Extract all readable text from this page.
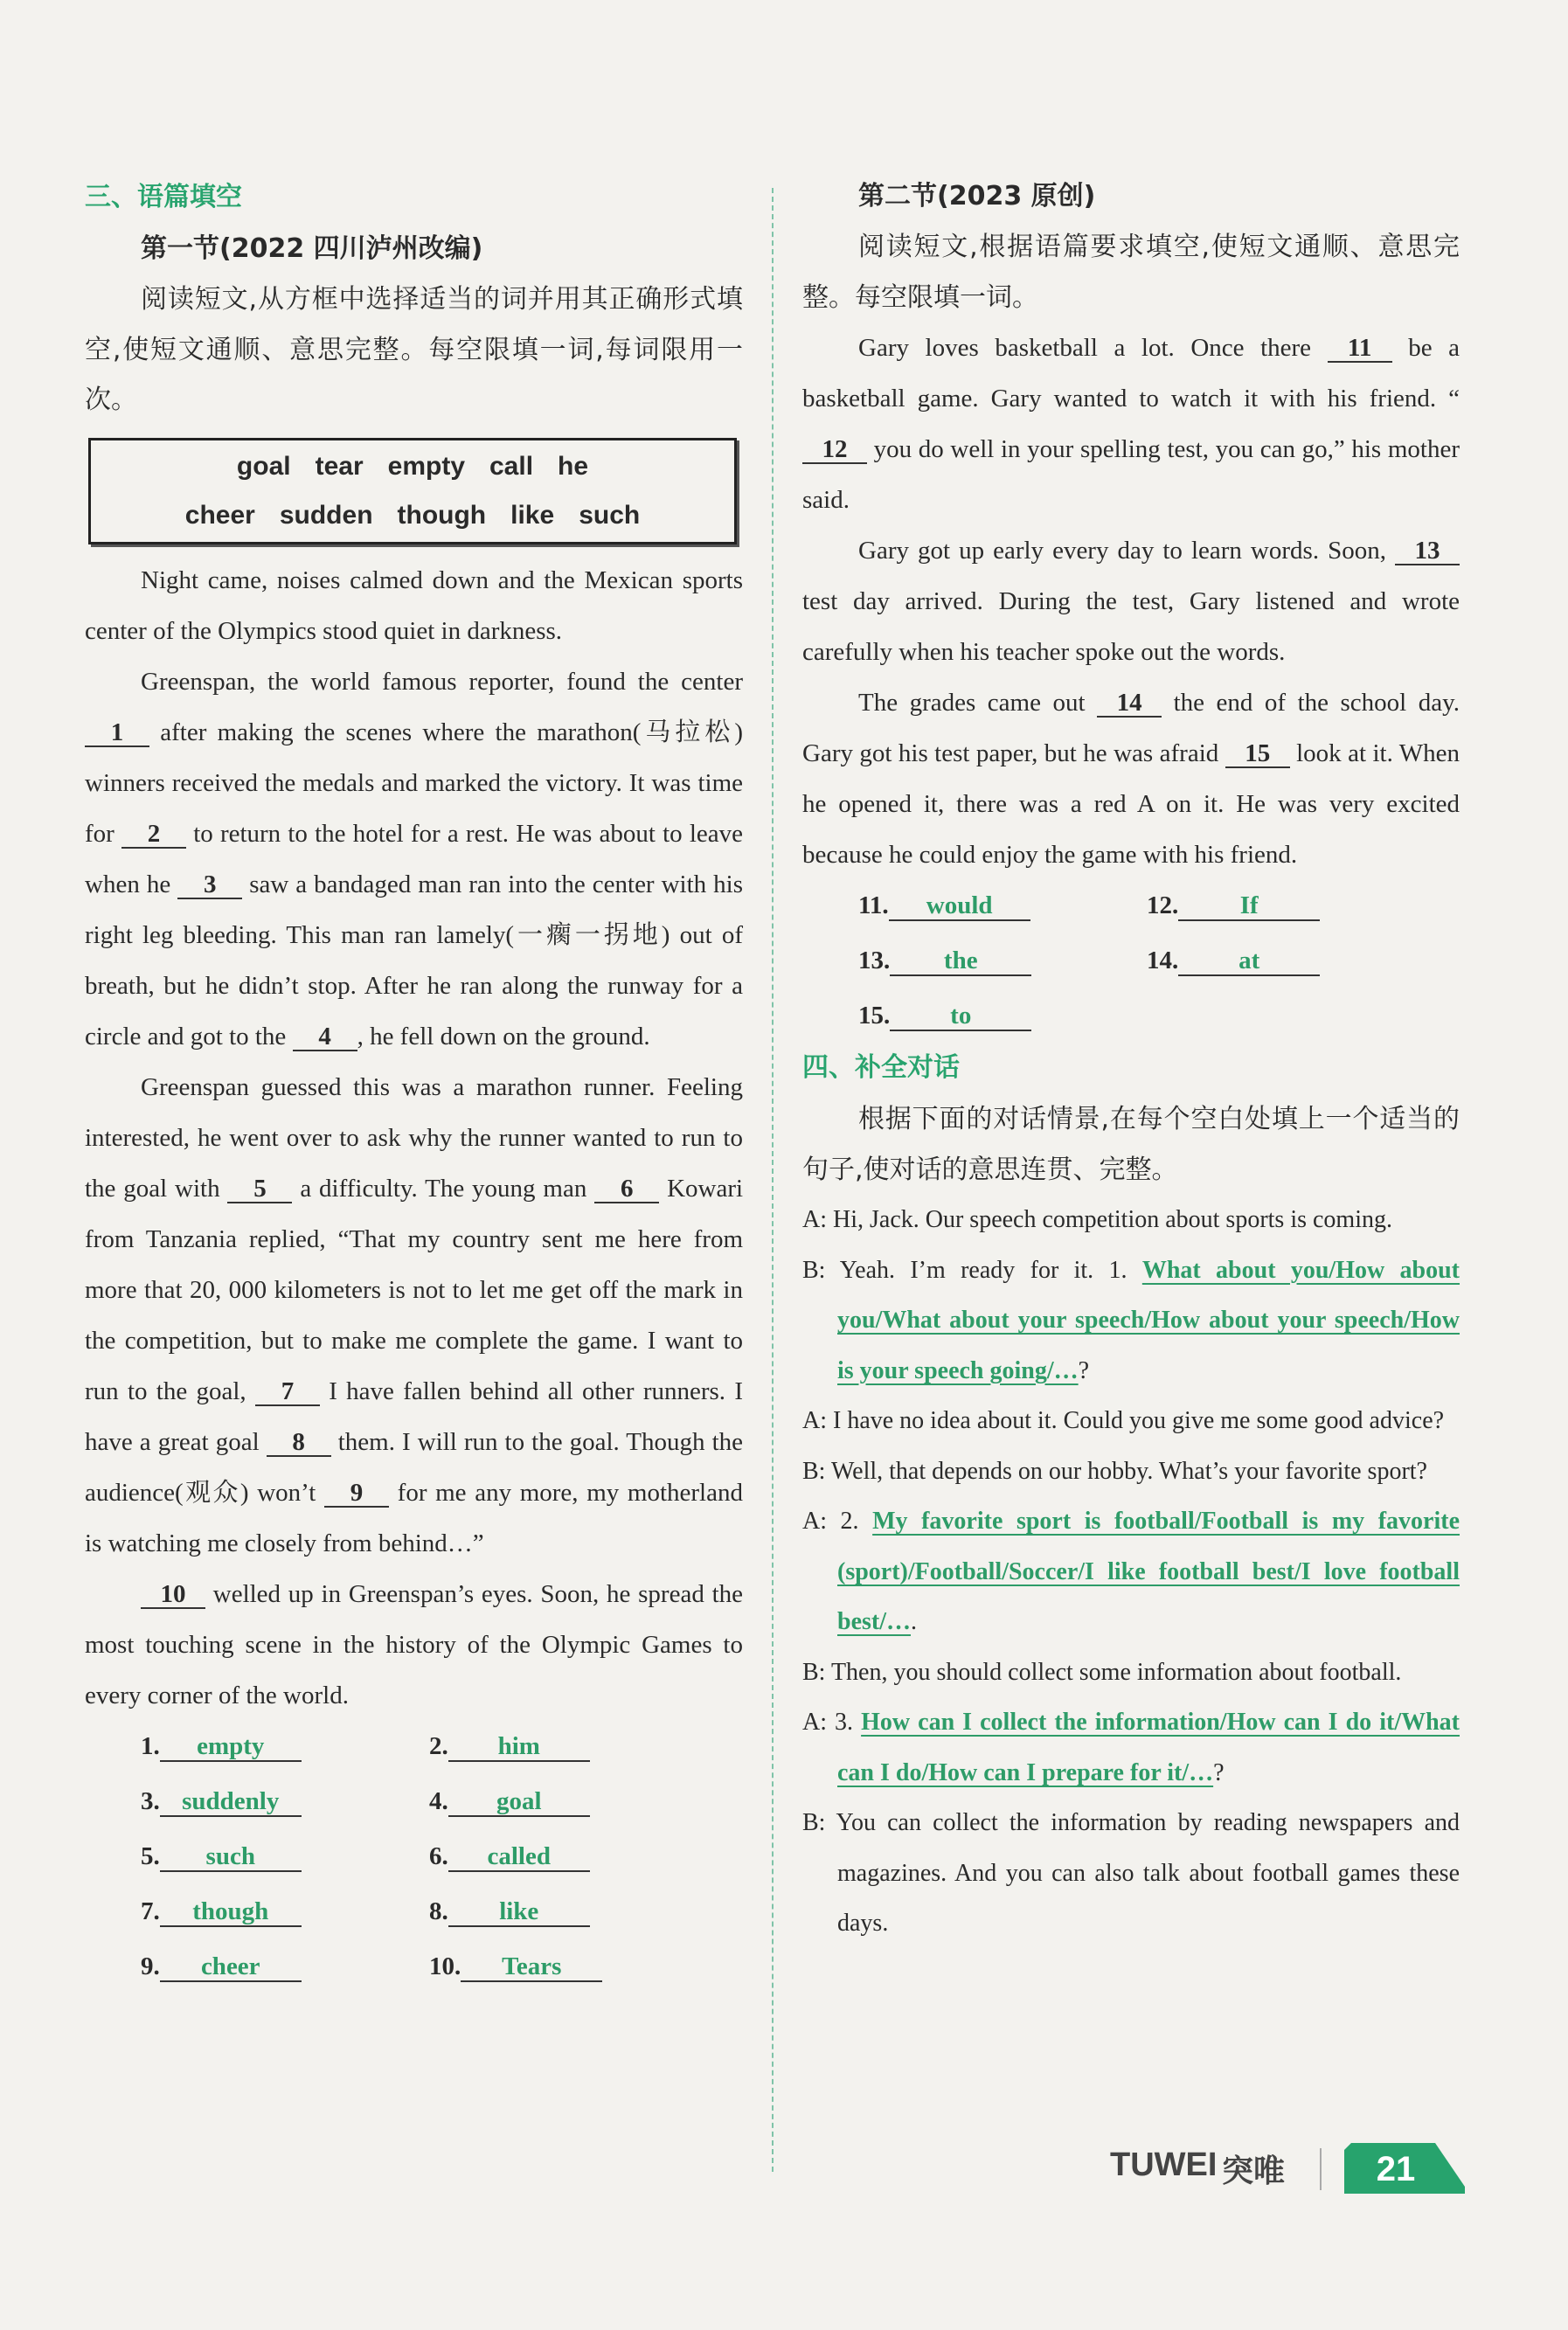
三、语篇填空
第一节(2022 四川泸州改编)
阅读短文,从方框中选择适当的词并用其正确形式填空,使短文通顺、意思完整。每空限填一词,每词限用一次。
goal tear empty call he
cheer sudden though like such
Night came, noises calmed down and the Mexican sports center of the Olympics stood quiet in darkness.
Greenspan, the world famous reporter, found the center 1 after making the scenes where the marathon(马拉松) winners received the medals and marked the victory. It was time for 2 to return to the hotel for a rest. He was about to leave when he 3 saw a bandaged man ran into the center with his right leg bleeding. This man ran lamely(一瘸一拐地) out of breath, but he didn’t stop. After he ran along the runway for a circle and got to the 4 , he fell down on the ground.
Greenspan guessed this was a marathon runner. Feeling interested, he went over to ask why the runner wanted to run to the goal with 5 a difficulty. The young man 6 Kowari from Tanzania replied, “That my country sent me here from more that 20, 000 kilometers is not to let me get off the mark in the competition, but to make me complete the game. I want to run to the goal, 7 I have fallen behind all other runners. I have a great goal 8 them. I will run to the goal. Though the audience(观众) won’t 9 for me any more, my motherland is watching me closely from behind…”
10 welled up in Greenspan’s eyes. Soon, he spread the most touching scene in the history of the Olympic Games to every corner of the world.
1. empty	2. him
3. suddenly	4. goal
5. such	6. called
7. though	8. like
9. cheer	10. Tears
第二节(2023 原创)
阅读短文,根据语篇要求填空,使短文通顺、意思完整。每空限填一词。
Gary loves basketball a lot. Once there 11 be a basketball game. Gary wanted to watch it with his friend. “ 12 you do well in your spelling test, you can go,” his mother said.
Gary got up early every day to learn words. Soon, 13 test day arrived. During the test, Gary listened and wrote carefully when his teacher spoke out the words.
The grades came out 14 the end of the school day. Gary got his test paper, but he was afraid 15 look at it. When he opened it, there was a red A on it. He was very excited because he could enjoy the game with his friend.
11. would	12. If
13. the	14. at
15. to
四、补全对话
根据下面的对话情景,在每个空白处填上一个适当的句子,使对话的意思连贯、完整。
A: Hi, Jack. Our speech competition about sports is coming.
B: Yeah. I’m ready for it. 1. What about you/How about you/What about your speech/How about your speech/How is your speech going/…?
A: I have no idea about it. Could you give me some good advice?
B: Well, that depends on our hobby. What’s your favorite sport?
A: 2. My favorite sport is football/Football is my favorite (sport)/Football/Soccer/I like football best/I love football best/….
B: Then, you should collect some information about football.
A: 3. How can I collect the information/How can I do it/What can I do/How can I prepare for it/…?
B: You can collect the information by reading newspapers and magazines. And you can also talk about football games these days.
TUWEI 突唯	21
